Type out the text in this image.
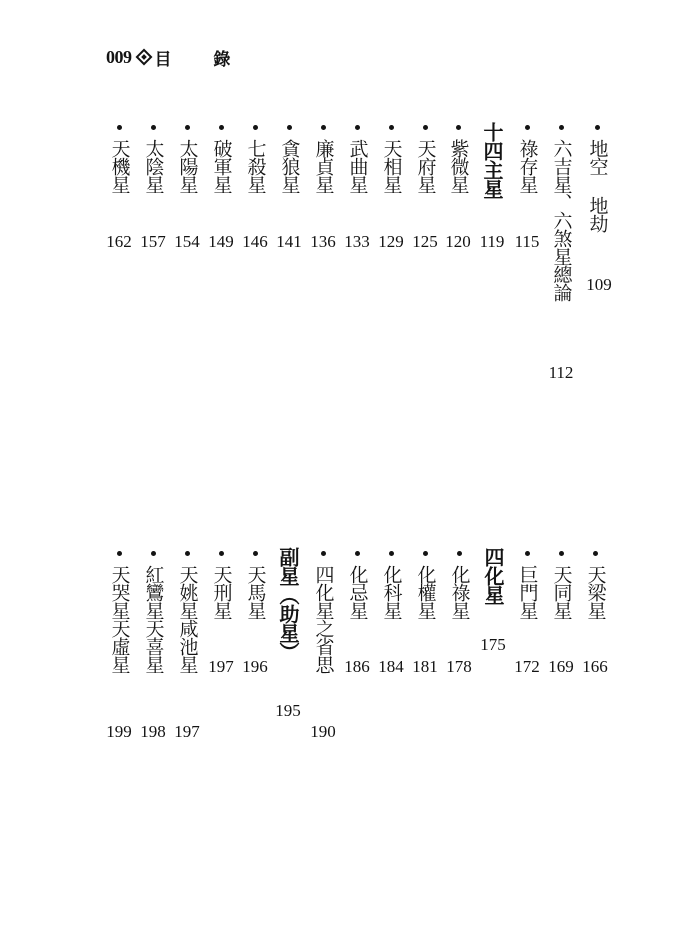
009 目 錄
地空 地劫
109
六吉星、六煞星總論
112
祿存星
115
十四主星
119
紫微星
120
天府星
125
天相星
129
武曲星
133
廉貞星
136
貪狼星
141
七殺星
146
破軍星
149
太陽星
154
太陰星
157
天機星
162
天梁星
166
天同星
169
巨門星
172
四化星
175
化祿星
178
化權星
181
化科星
184
化忌星
186
四化星之省思
190
副星︵助星︶
195
天馬星
196
天刑星
197
天姚星咸池星
197
紅鸞星天喜星
198
天哭星天虛星
199
